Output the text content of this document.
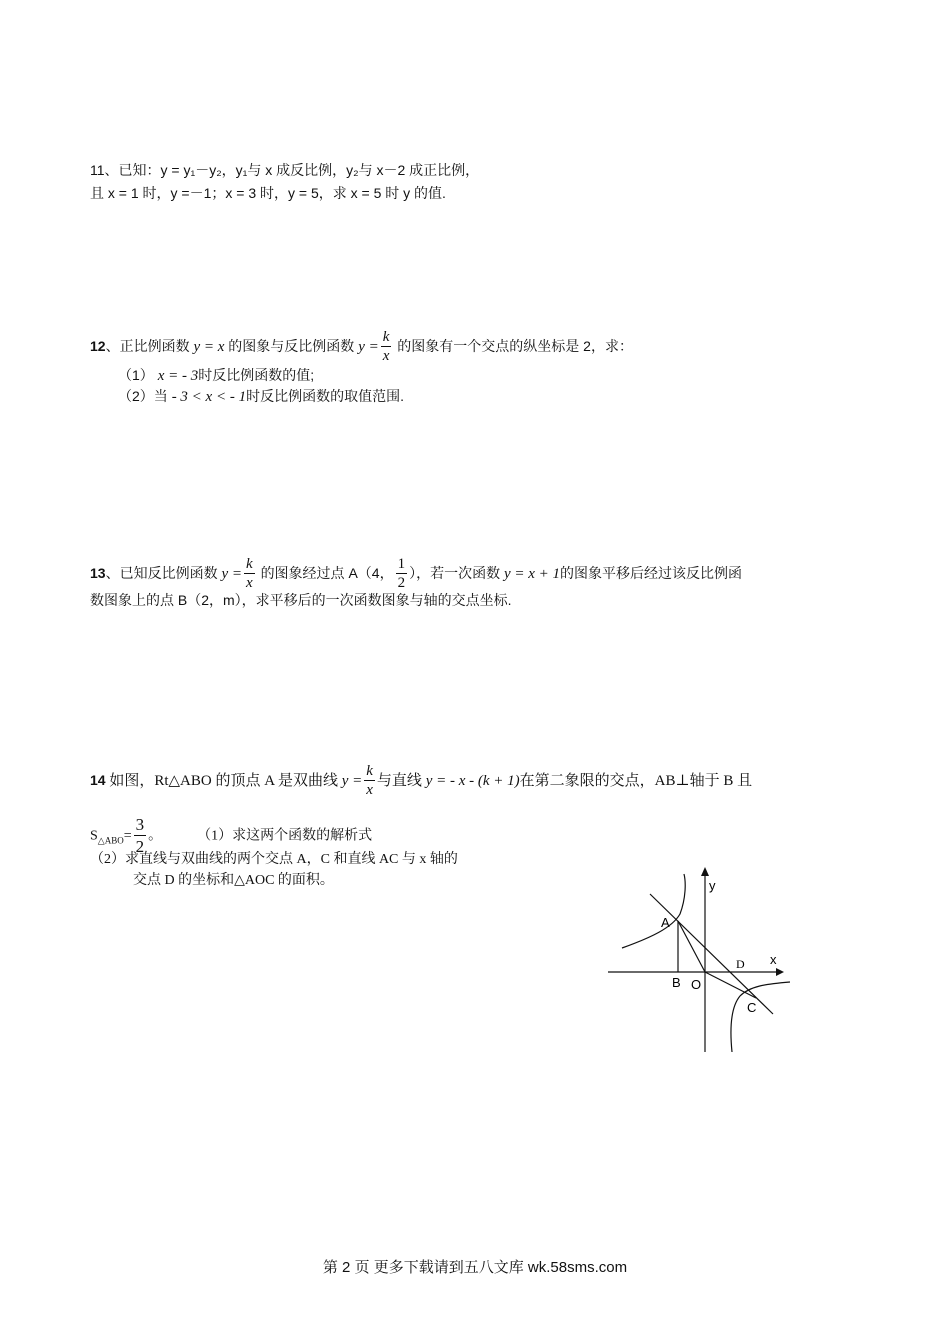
11、已知：y = y₁－y₂，y₁与 x 成反比例，y₂与 x－2 成正比例，
且 x = 1 时，y =－1；x = 3 时，y = 5，求 x = 5 时 y 的值.
12、正比例函数 y = x 的图象与反比例函数 $y = \frac{k}{x}$ 的图象有一个交点的纵坐标是 2，求：
（1） x = - 3时反比例函数的值;
（2）当 - 3 < x < - 1时反比例函数的取值范围.
13、已知反比例函数 $y = \frac{k}{x}$ 的图象经过点 A（4， $\frac{1}{2}$ ），若一次函数 y = x + 1的图象平移后经过该反比例函
数图象上的点 B（2，m），求平移后的一次函数图象与轴的交点坐标.
14 如图，Rt△ABO 的顶点 A 是双曲线 $y = \frac{k}{x}$ 与直线 y = - x - (k + 1)在第二象限的交点，AB⊥轴于 B 且
$S_{\triangle ABO}= \frac{3}{2}$ 。	（1）求这两个函数的解析式
（2）求直线与双曲线的两个交点 A，C 和直线 AC 与 x 轴的
交点 D 的坐标和△AOC 的面积。	y
x
A
B O
C
D
第 2 页 更多下载请到五八文库 wk.58sms.com
